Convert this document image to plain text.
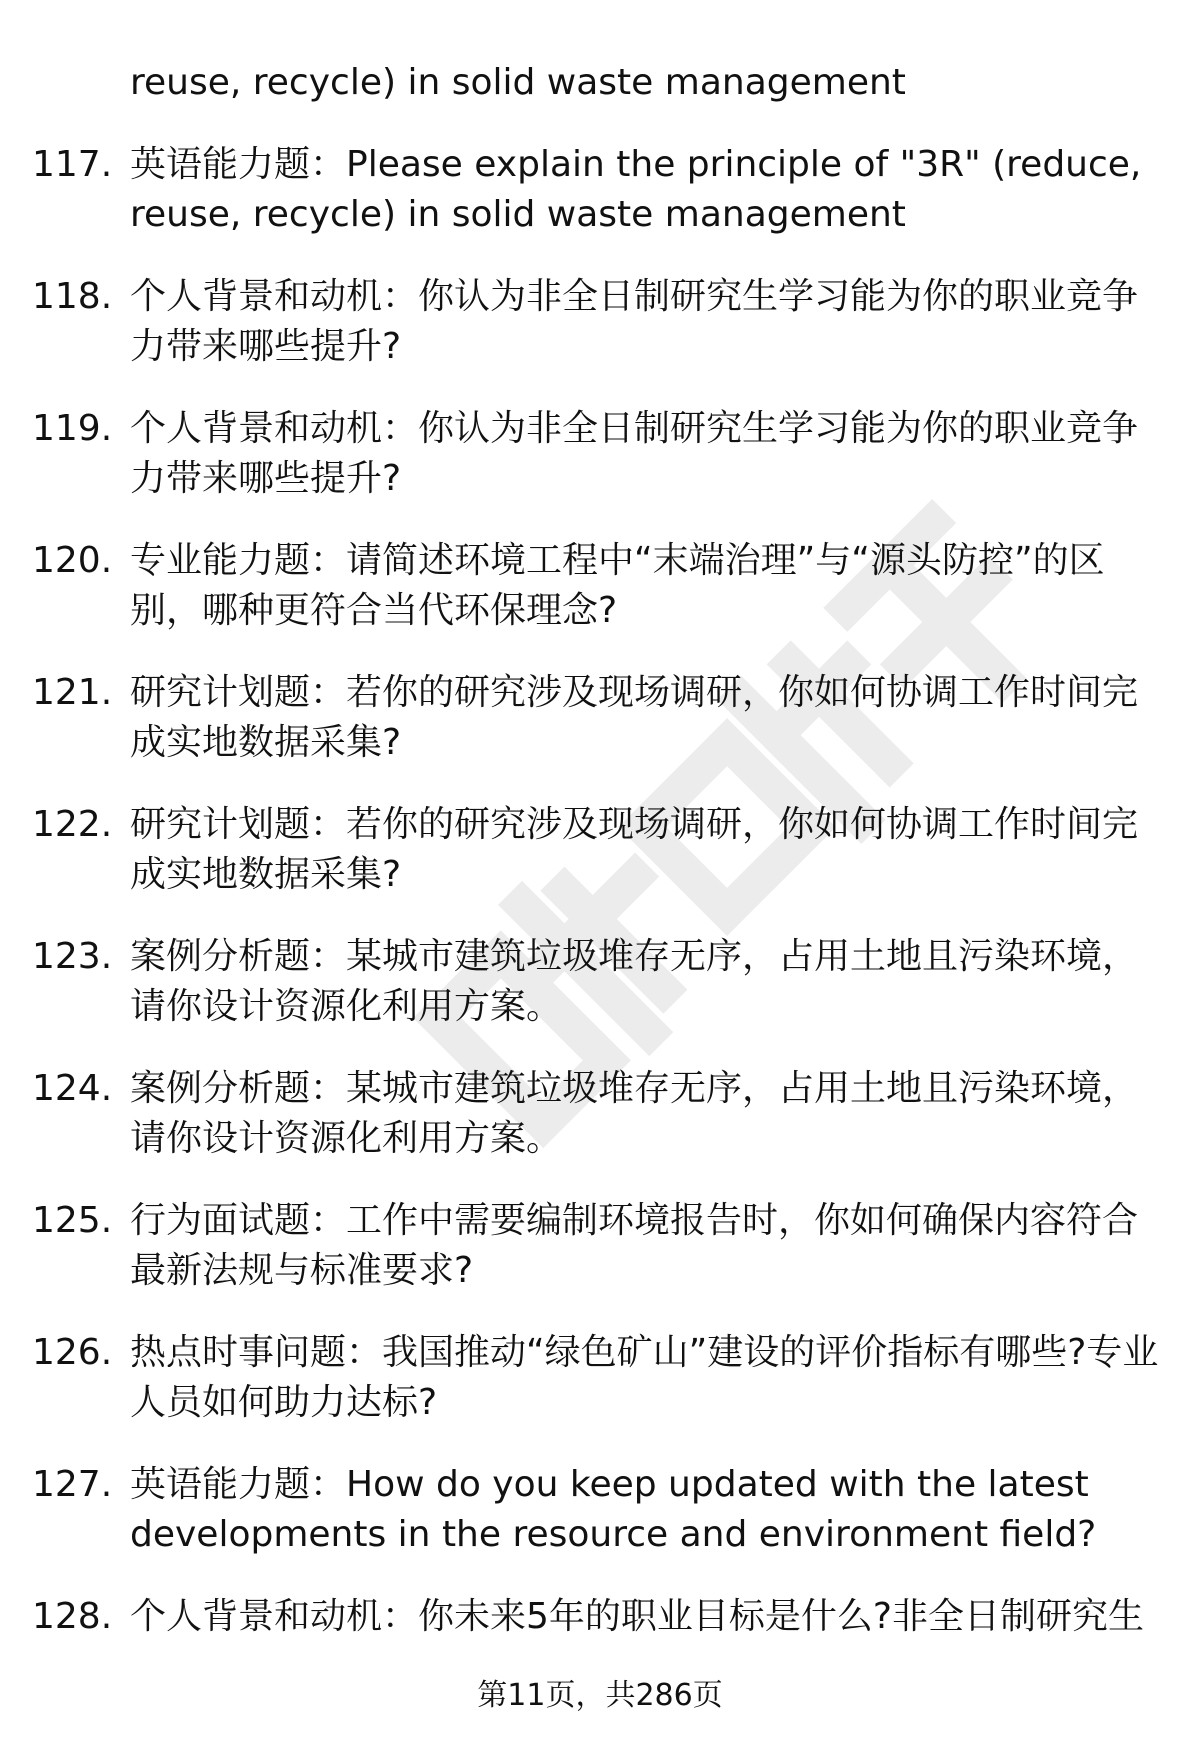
reuse, recycle) in solid waste management
117. 英语能力题：Please explain the principle of "3R" (reduce, reuse, recycle) in solid waste management
118. 个人背景和动机：你认为非全日制研究生学习能为你的职业竞争力带来哪些提升?
119. 个人背景和动机：你认为非全日制研究生学习能为你的职业竞争力带来哪些提升?
120. 专业能力题：请简述环境工程中“末端治理”与“源头防控”的区别，哪种更符合当代环保理念?
121. 研究计划题：若你的研究涉及现场调研，你如何协调工作时间完成实地数据采集?
122. 研究计划题：若你的研究涉及现场调研，你如何协调工作时间完成实地数据采集?
123. 案例分析题：某城市建筑垃圾堆存无序，占用土地且污染环境，请你设计资源化利用方案。
124. 案例分析题：某城市建筑垃圾堆存无序，占用土地且污染环境，请你设计资源化利用方案。
125. 行为面试题：工作中需要编制环境报告时，你如何确保内容符合最新法规与标准要求?
126. 热点时事问题：我国推动“绿色矿山”建设的评价指标有哪些?专业人员如何助力达标?
127. 英语能力题：How do you keep updated with the latest developments in the resource and environment field?
128. 个人背景和动机：你未来5年的职业目标是什么?非全日制研究生
第11页，共286页
